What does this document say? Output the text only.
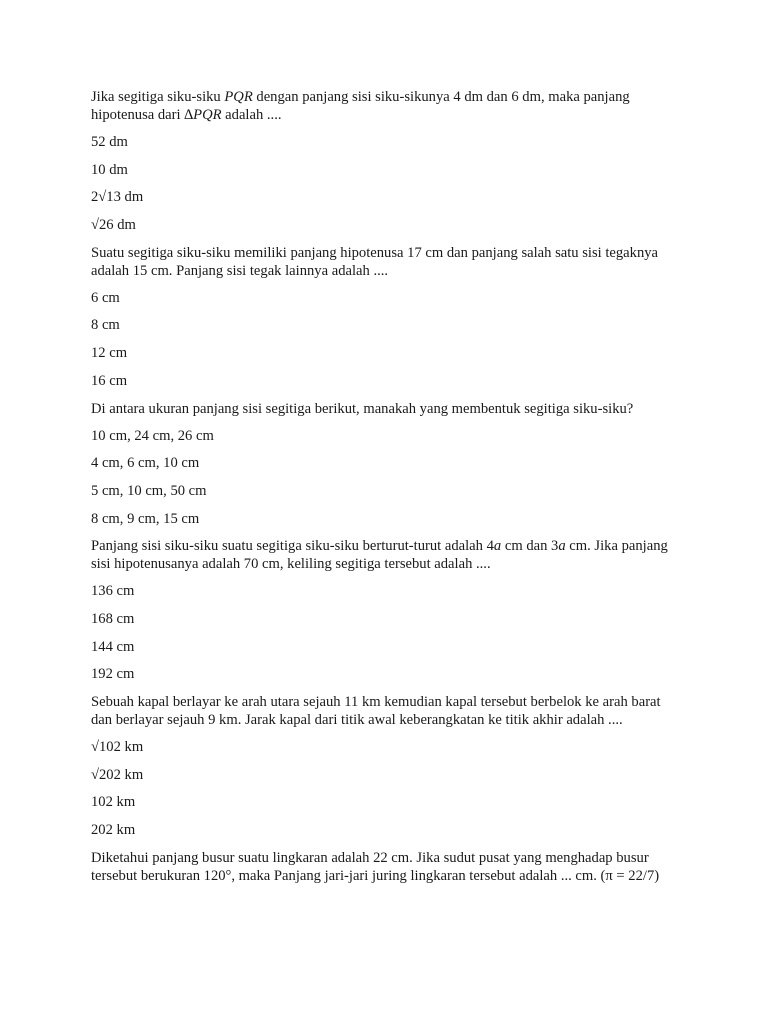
Jika segitiga siku-siku PQR dengan panjang sisi siku-sikunya 4 dm dan 6 dm, maka panjang hipotenusa dari ∆PQR adalah ....
52 dm
10 dm
2√13 dm
√26 dm
Suatu segitiga siku-siku memiliki panjang hipotenusa 17 cm dan panjang salah satu sisi tegaknya adalah 15 cm. Panjang sisi tegak lainnya adalah ....
6 cm
8 cm
12 cm
16 cm
Di antara ukuran panjang sisi segitiga berikut, manakah yang membentuk segitiga siku-siku?
10 cm, 24 cm, 26 cm
4 cm, 6 cm, 10 cm
5 cm, 10 cm, 50 cm
8 cm, 9 cm, 15 cm
Panjang sisi siku-siku suatu segitiga siku-siku berturut-turut adalah 4a cm dan 3a cm. Jika panjang sisi hipotenusanya adalah 70 cm, keliling segitiga tersebut adalah ....
136 cm
168 cm
144 cm
192 cm
Sebuah kapal berlayar ke arah utara sejauh 11 km kemudian kapal tersebut berbelok ke arah barat dan berlayar sejauh 9 km. Jarak kapal dari titik awal keberangkatan ke titik akhir adalah ....
√102 km
√202 km
102 km
202 km
Diketahui panjang busur suatu lingkaran adalah 22 cm. Jika sudut pusat yang menghadap busur tersebut berukuran 120°, maka Panjang jari-jari juring lingkaran tersebut adalah ... cm. (π = 22/7)
